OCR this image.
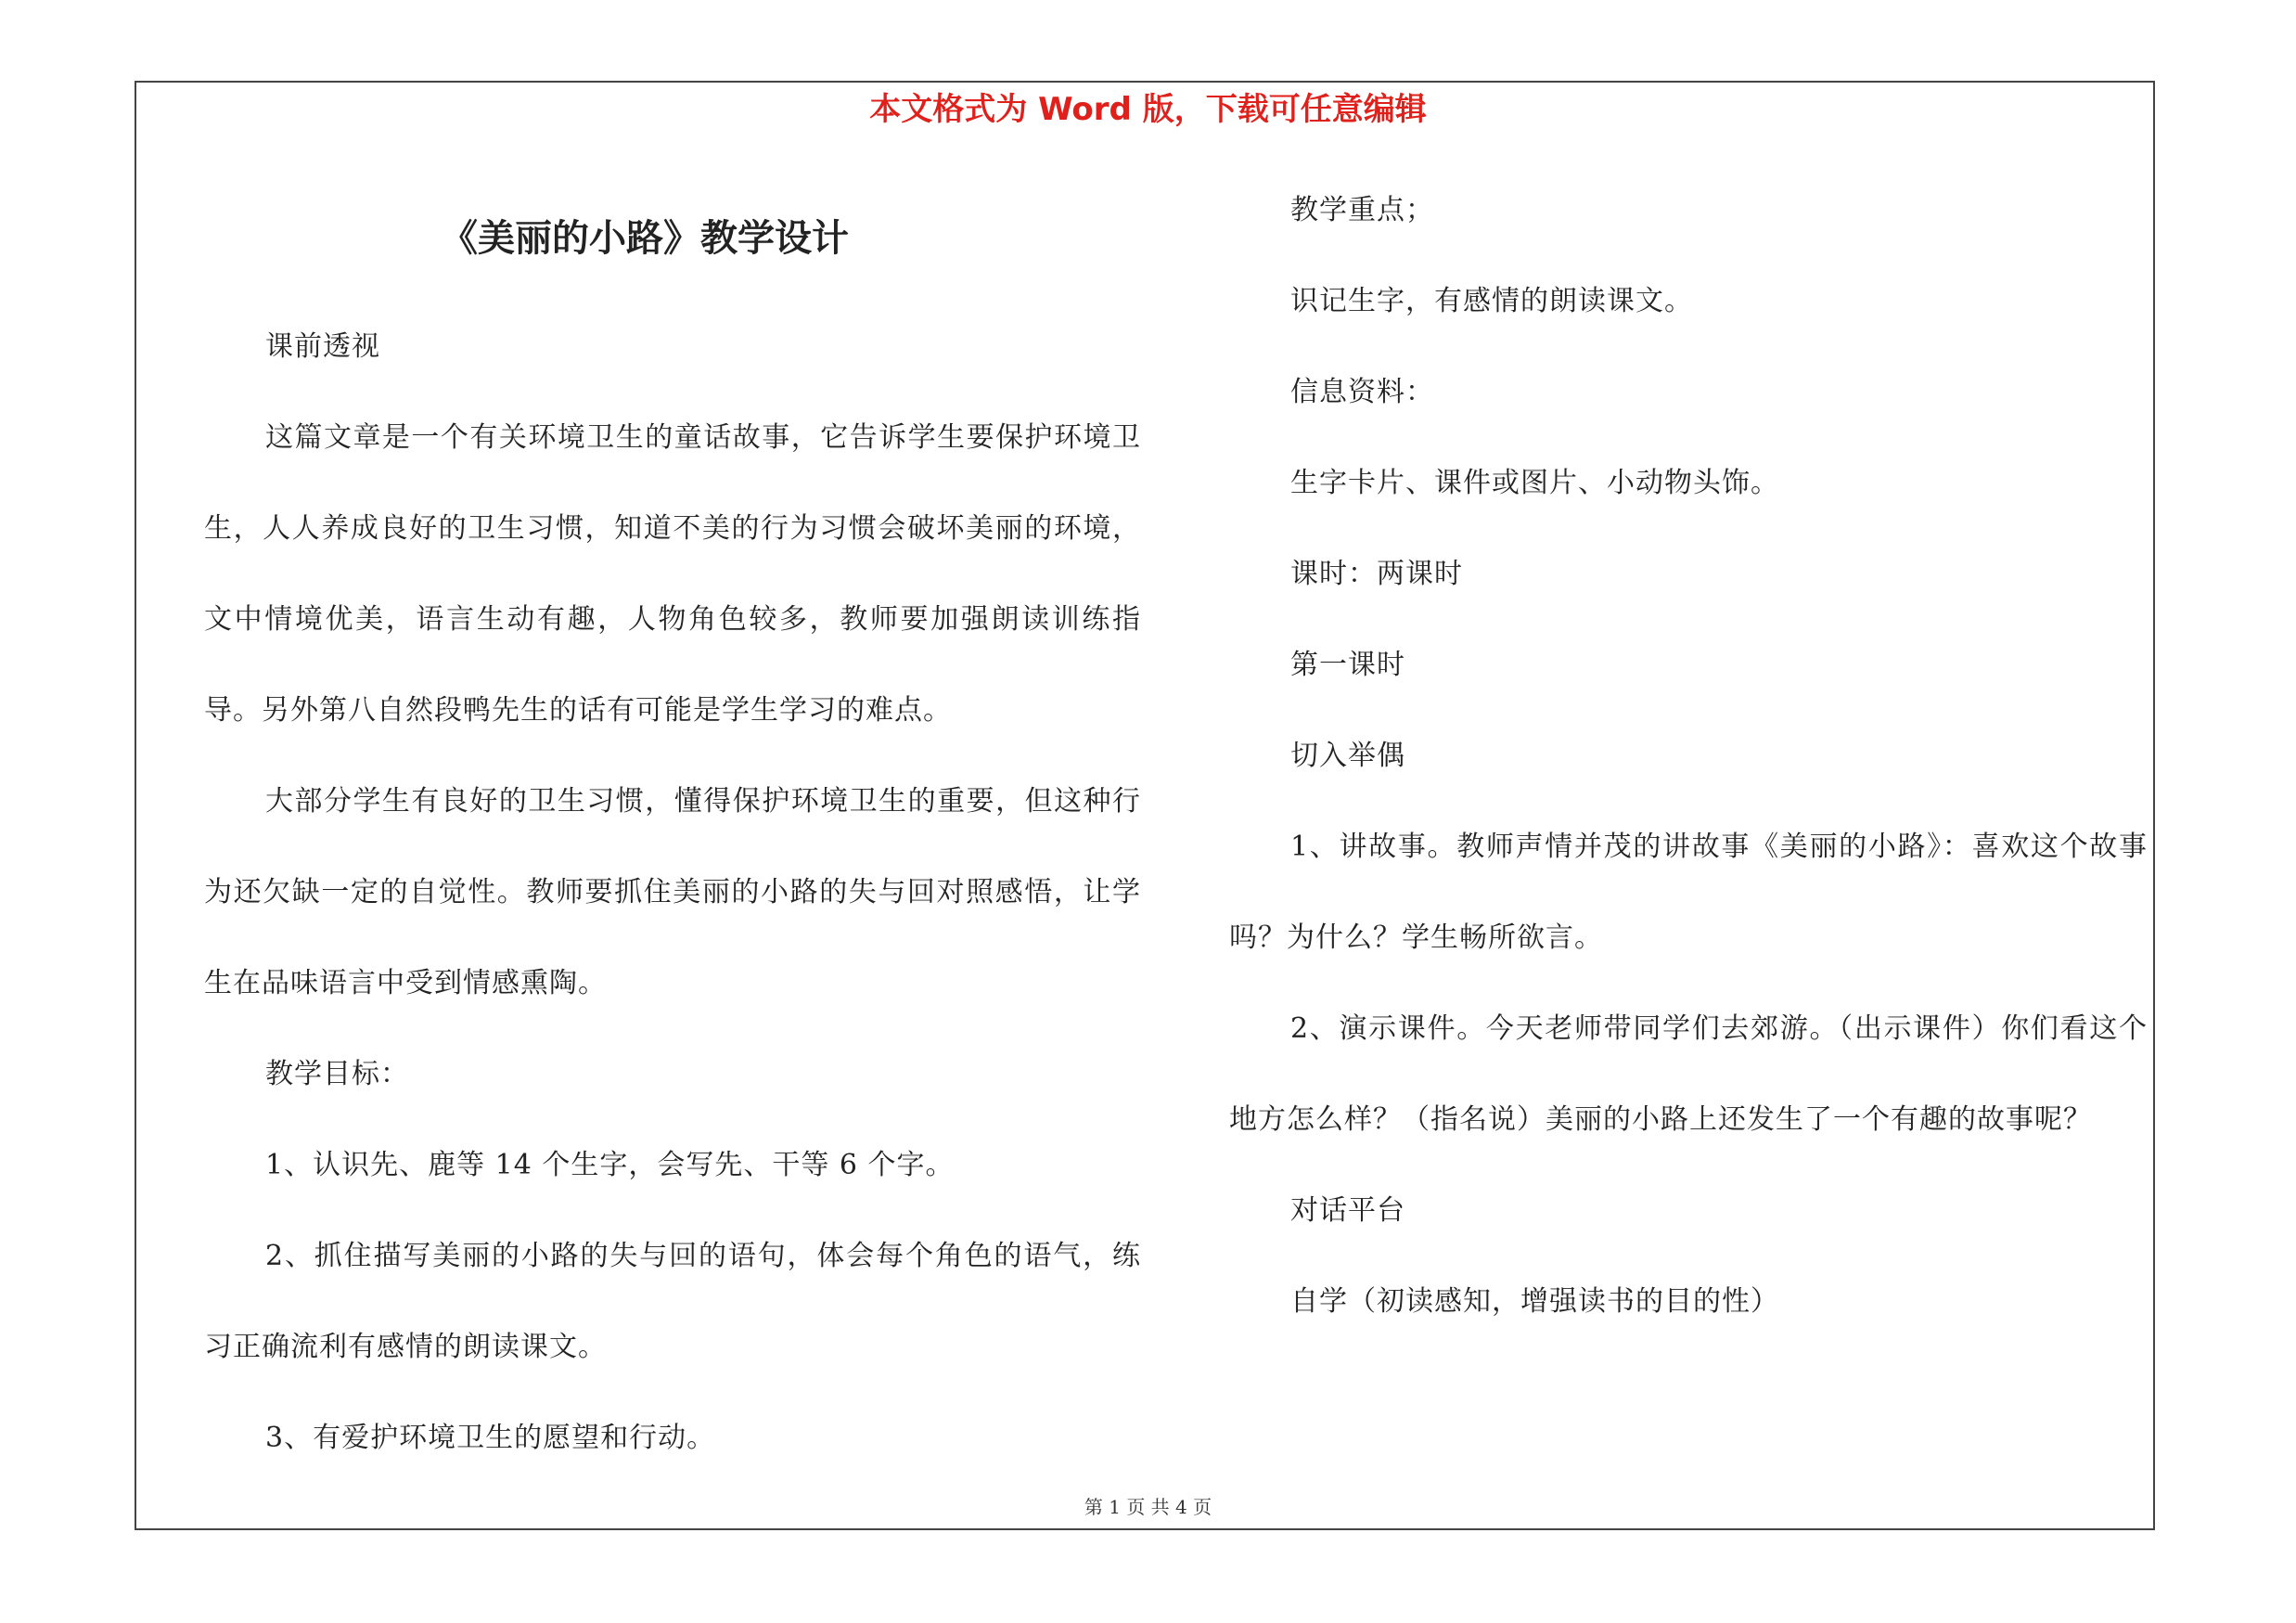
本文格式为 Word 版，下载可任意编辑
《美丽的小路》教学设计

课前透视

这篇文章是一个有关环境卫生的童话故事，它告诉学生要保护环境卫生，人人养成良好的卫生习惯，知道不美的行为习惯会破坏美丽的环境，文中情境优美，语言生动有趣，人物角色较多，教师要加强朗读训练指导。另外第八自然段鸭先生的话有可能是学生学习的难点。

大部分学生有良好的卫生习惯，懂得保护环境卫生的重要，但这种行为还欠缺一定的自觉性。教师要抓住美丽的小路的失与回对照感悟，让学生在品味语言中受到情感熏陶。

教学目标：

1、认识先、鹿等 14 个生字，会写先、干等 6 个字。

2、抓住描写美丽的小路的失与回的语句，体会每个角色的语气，练习正确流利有感情的朗读课文。

3、有爱护环境卫生的愿望和行动。

教学重点；

识记生字，有感情的朗读课文。

信息资料：

生字卡片、课件或图片、小动物头饰。

课时：两课时

第一课时

切入举偶

1、讲故事。教师声情并茂的讲故事《美丽的小路》：喜欢这个故事吗？为什么？学生畅所欲言。

2、演示课件。今天老师带同学们去郊游。（出示课件）你们看这个地方怎么样？（指名说）美丽的小路上还发生了一个有趣的故事呢？

对话平台

自学（初读感知，增强读书的目的性）

第 1 页 共 4 页
